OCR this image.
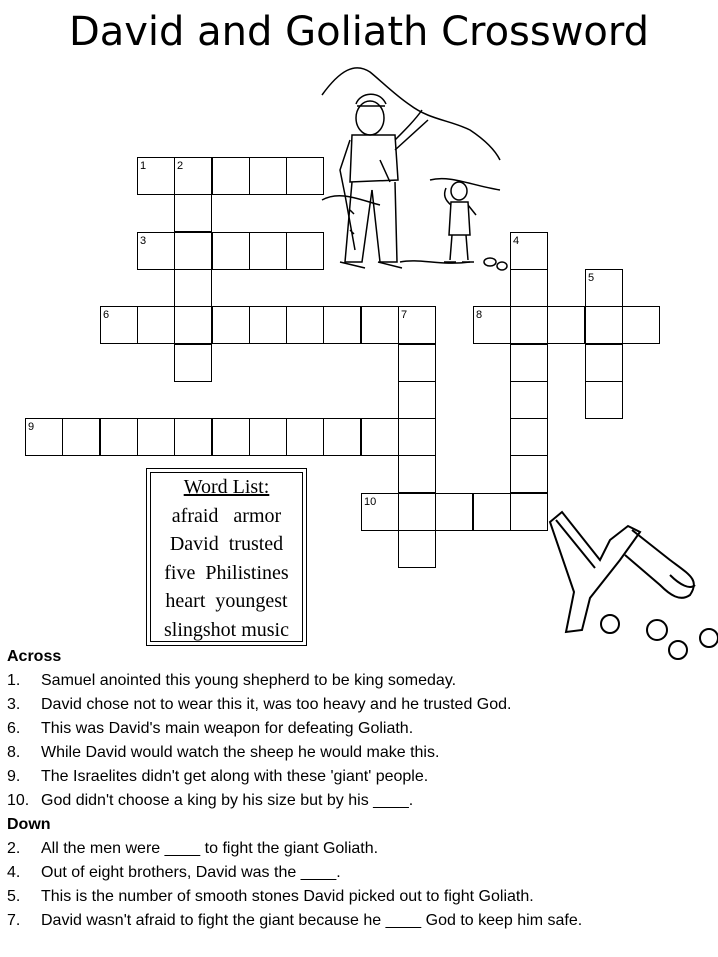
David and Goliath Crossword
1	2
3	4
5
6	7	8
9
10
Word List:
afraid   armor
David  trusted
five  Philistines
heart  youngest
slingshot music
Across
1. Samuel anointed this young shepherd to be king someday.
3. David chose not to wear this it, was too heavy and he trusted God.
6. This was David's main weapon for defeating Goliath.
8. While David would watch the sheep he would make this.
9. The Israelites didn't get along with these 'giant' people.
10. God didn't choose a king by his size but by his ____.
Down
2. All the men were ____ to fight the giant Goliath.
4. Out of eight brothers, David was the ____.
5. This is the number of smooth stones David picked out to fight Goliath.
7. David wasn't afraid to fight the giant because he ____ God to keep him safe.
